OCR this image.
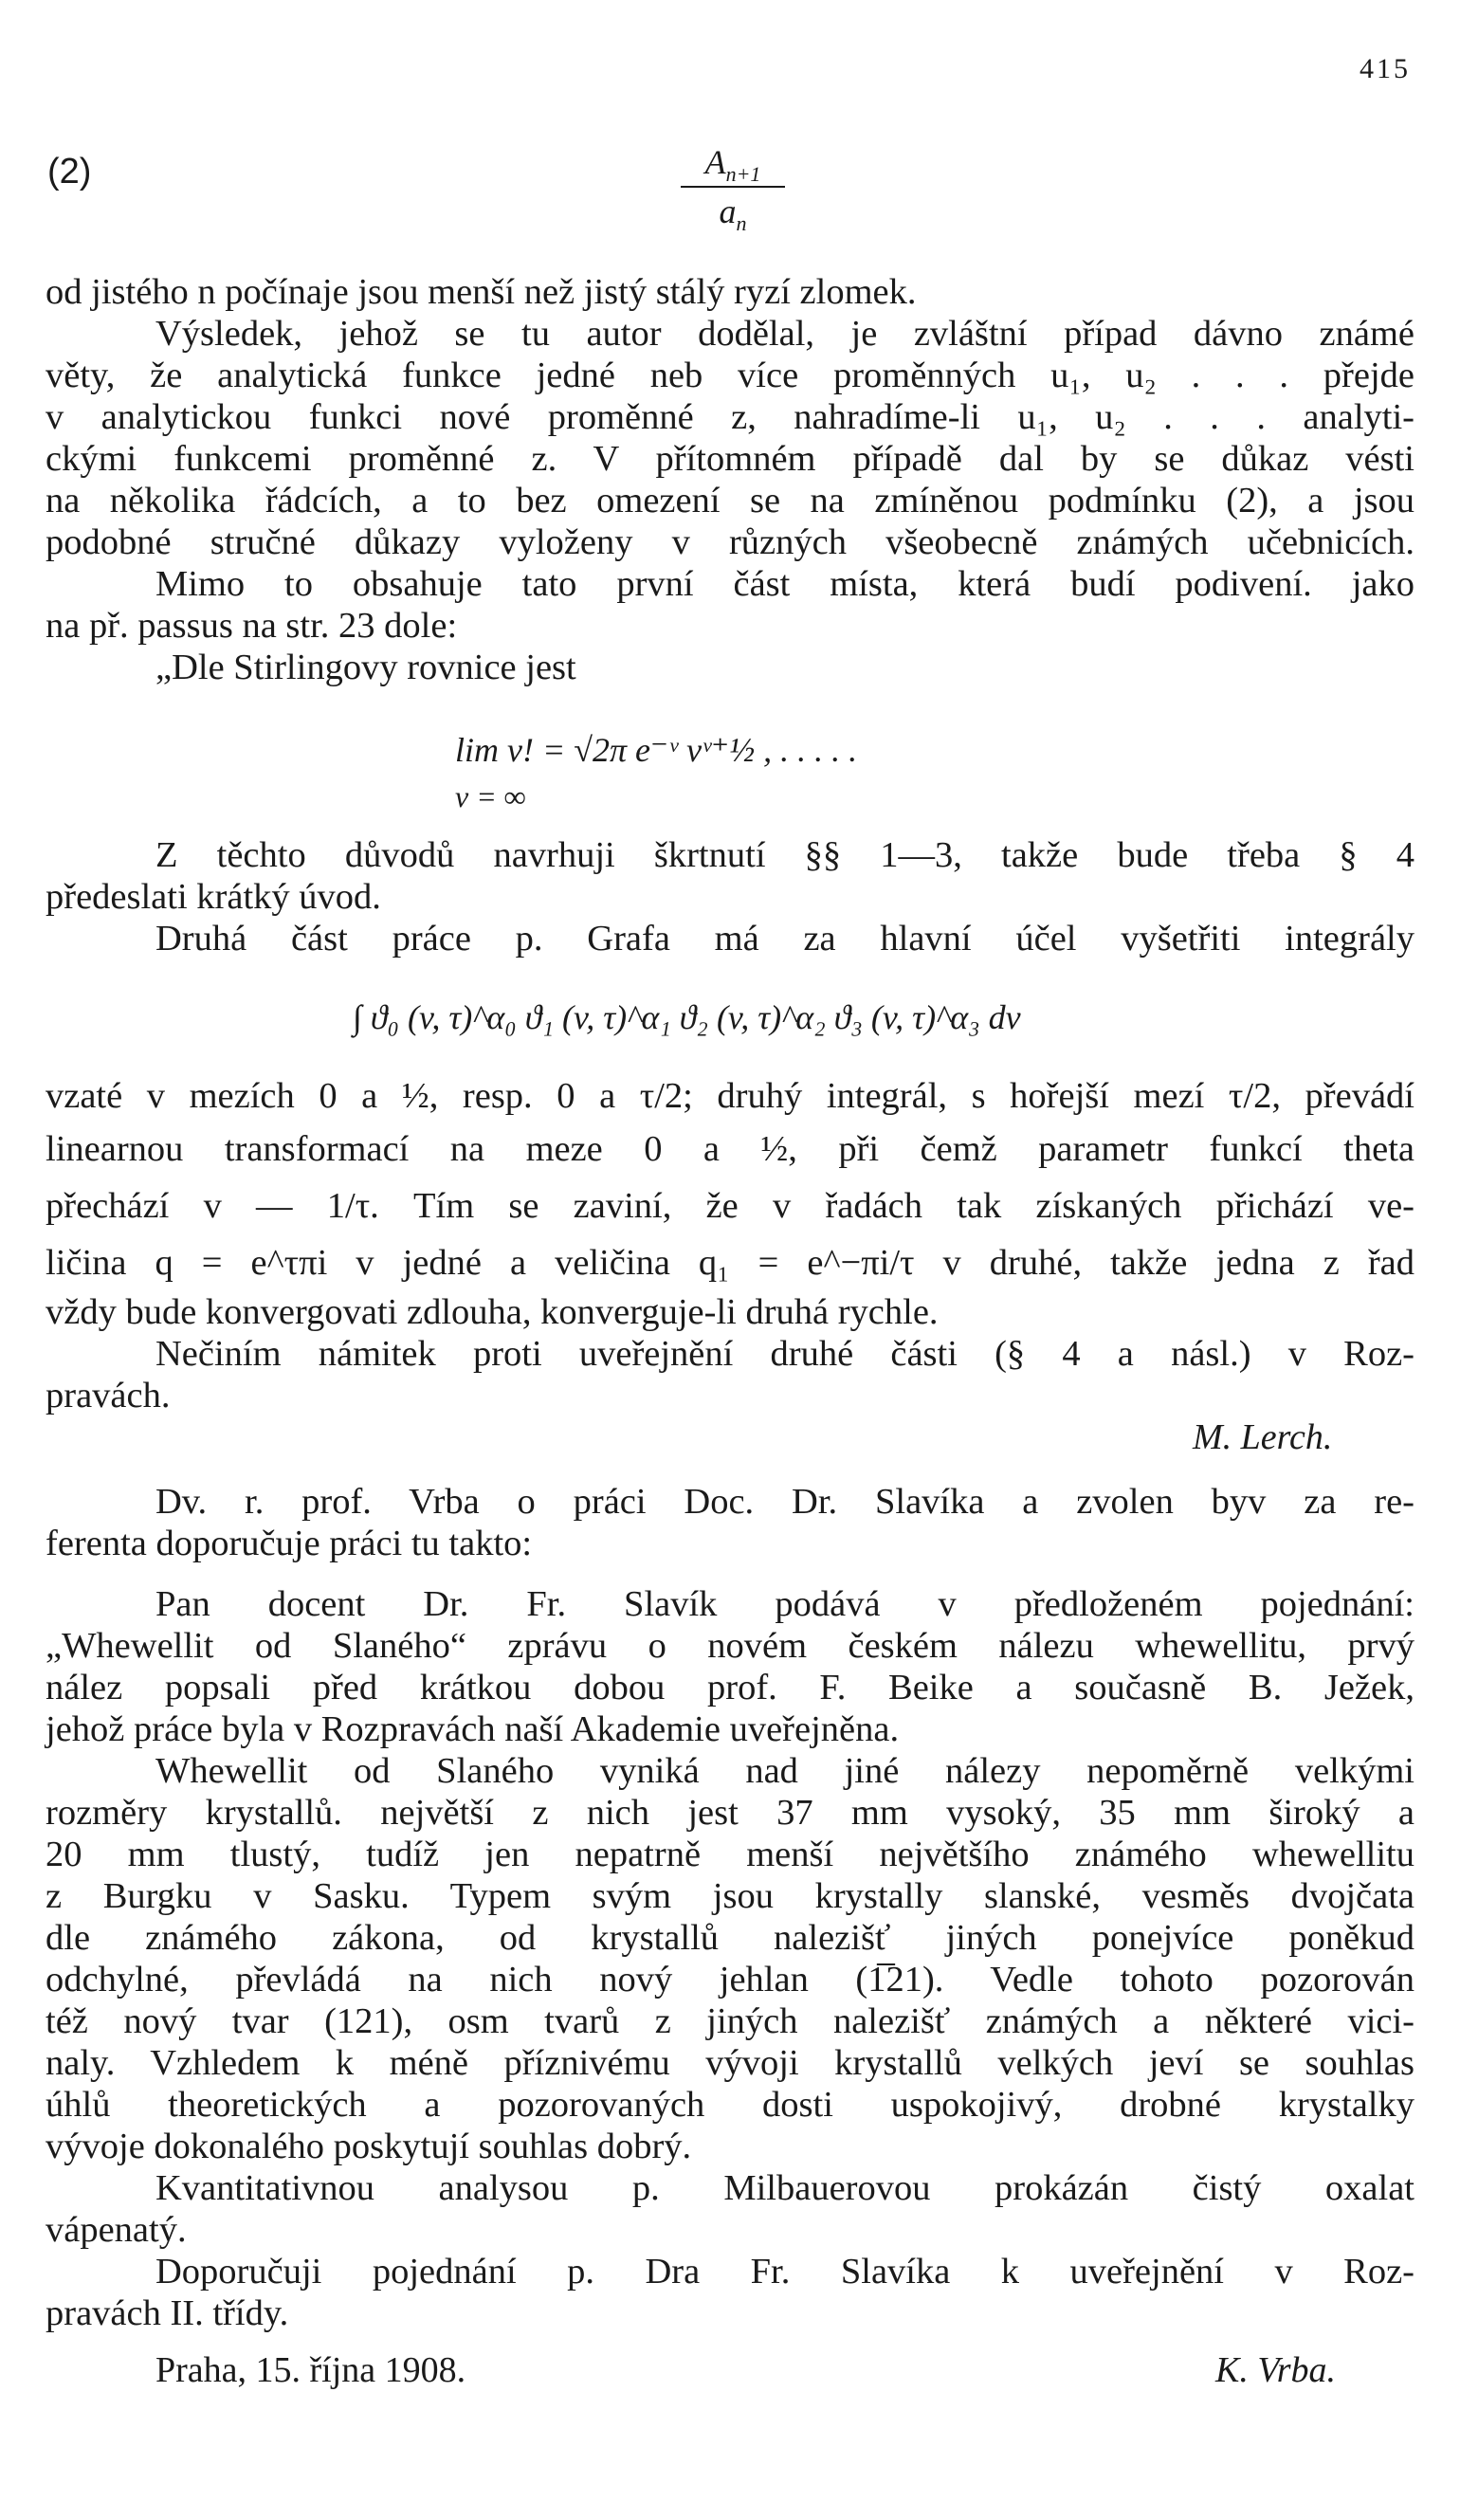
415
(2)	$\frac{A_{n+1}}{a_n}$
od jistého n počínaje jsou menší než jistý stálý ryzí zlomek.
Výsledek, jehož se tu autor dodělal, je zvláštní případ dávno známé
věty, že analytická funkce jedné neb více proměnných u₁, u₂ . . . přejde
v analytickou funkci nové proměnné z, nahradíme-li u₁, u₂ . . . analyti-
ckými funkcemi proměnné z. V přítomném případě dal by se důkaz vésti
na několika řádcích, a to bez omezení se na zmíněnou podmínku (2), a jsou
podobné stručné důkazy vyloženy v různých všeobecně známých učebnicích.
Mimo to obsahuje tato první část místa, která budí podivení. jako
na př. passus na str. 23 dole:
„Dle Stirlingovy rovnice jest
lim v! = √2π e⁻ᵛ vᵛ⁺½ , . . . . .
v = ∞
Z těchto důvodů navrhuji škrtnutí §§ 1—3, takže bude třeba § 4
předeslati krátký úvod.
Druhá část práce p. Grafa má za hlavní účel vyšetřiti integrály
∫ ϑ₀ (v, τ)^α₀ ϑ₁ (v, τ)^α₁ ϑ₂ (v, τ)^α₂ ϑ₃ (v, τ)^α₃ dv
vzaté v mezích 0 a ½, resp. 0 a τ/2; druhý integrál, s hořejší mezí τ/2, převádí
linearnou transformací na meze 0 a ½, při čemž parametr funkcí theta
přechází v — 1/τ. Tím se zaviní, že v řadách tak získaných přichází ve-
ličina q = e^τπi v jedné a veličina q₁ = e^−πi/τ v druhé, takže jedna z řad
vždy bude konvergovati zdlouha, konverguje-li druhá rychle.
Nečiním námitek proti uveřejnění druhé části (§ 4 a násl.) v Roz-
pravách.
M. Lerch.
Dv. r. prof. Vrba o práci Doc. Dr. Slavíka a zvolen byv za re-
ferenta doporučuje práci tu takto:
Pan docent Dr. Fr. Slavík podává v předloženém pojednání:
„Whewellit od Slaného“ zprávu o novém českém nálezu whewellitu, prvý
nález popsali před krátkou dobou prof. F. Beike a současně B. Ježek,
jehož práce byla v Rozpravách naší Akademie uveřejněna.
Whewellit od Slaného vyniká nad jiné nálezy nepoměrně velkými
rozměry krystallů. největší z nich jest 37 mm vysoký, 35 mm široký a
20 mm tlustý, tudíž jen nepatrně menší největšího známého whewellitu
z Burgku v Sasku. Typem svým jsou krystally slanské, vesměs dvojčata
dle známého zákona, od krystallů nalezišť jiných ponejvíce poněkud
odchylné, převládá na nich nový jehlan (1̅21). Vedle tohoto pozorován
též nový tvar (121), osm tvarů z jiných nalezišť známých a některé vici-
naly. Vzhledem k méně příznivému vývoji krystallů velkých jeví se souhlas
úhlů theoretických a pozorovaných dosti uspokojivý, drobné krystalky
vývoje dokonalého poskytují souhlas dobrý.
Kvantitativnou analysou p. Milbauerovou prokázán čistý oxalat
vápenatý.
Doporučuji pojednání p. Dra Fr. Slavíka k uveřejnění v Roz-
pravách II. třídy.
Praha, 15. října 1908.	K. Vrba.
